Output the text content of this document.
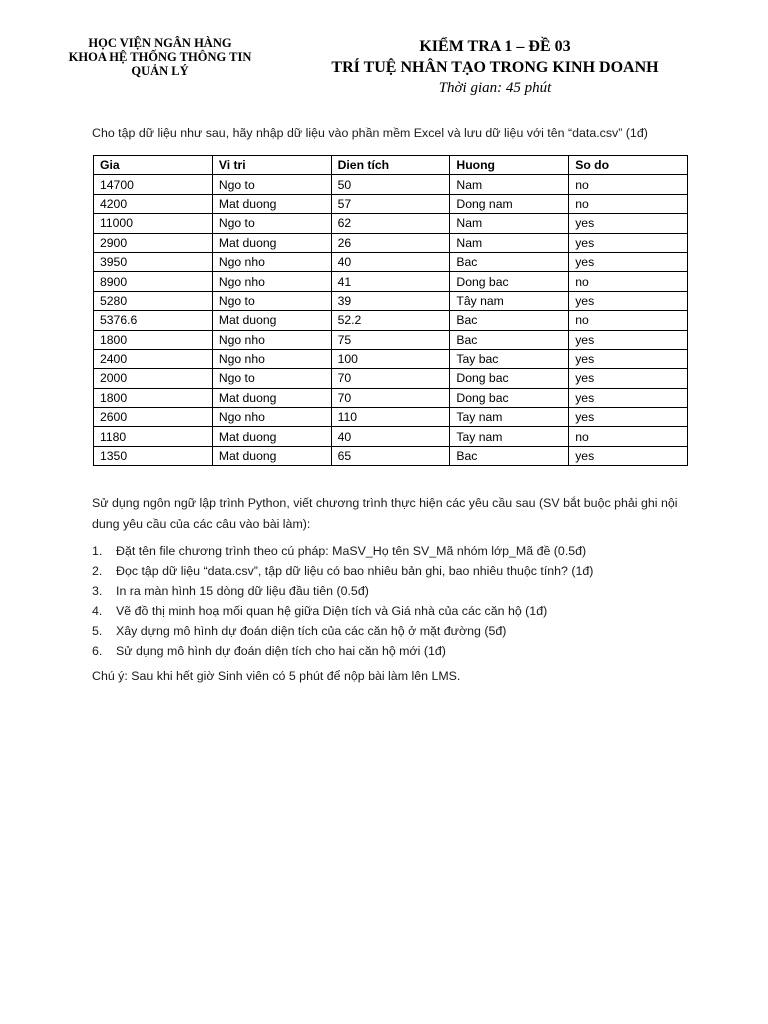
HỌC VIỆN NGÂN HÀNG
KHOA HỆ THỐNG THÔNG TIN
QUẢN LÝ
KIỂM TRA 1 – ĐỀ 03
TRÍ TUỆ NHÂN TẠO TRONG KINH DOANH
Thời gian: 45 phút
Cho tập dữ liệu như sau, hãy nhập dữ liệu vào phần mềm Excel và lưu dữ liệu với tên “data.csv” (1đ)
Gia	Vi tri	Dien tích	Huong	So do
14700	Ngo to	50	Nam	no
4200	Mat duong	57	Dong nam	no
11000	Ngo to	62	Nam	yes
2900	Mat duong	26	Nam	yes
3950	Ngo nho	40	Bac	yes
8900	Ngo nho	41	Dong bac	no
5280	Ngo to	39	Tây nam	yes
5376.6	Mat duong	52.2	Bac	no
1800	Ngo nho	75	Bac	yes
2400	Ngo nho	100	Tay bac	yes
2000	Ngo to	70	Dong bac	yes
1800	Mat duong	70	Dong bac	yes
2600	Ngo nho	110	Tay nam	yes
1180	Mat duong	40	Tay nam	no
1350	Mat duong	65	Bac	yes
Sử dụng ngôn ngữ lập trình Python, viết chương trình thực hiện các yêu cầu sau (SV bắt buộc phải ghi nội dung yêu cầu của các câu vào bài làm):
1. Đặt tên file chương trình theo cú pháp: MaSV_Họ tên SV_Mã nhóm lớp_Mã đề (0.5đ)
2. Đọc tập dữ liệu “data.csv”, tập dữ liệu có bao nhiêu bản ghi, bao nhiêu thuộc tính? (1đ)
3. In ra màn hình 15 dòng dữ liệu đầu tiên (0.5đ)
4. Vẽ đồ thị minh hoạ mối quan hệ giữa Diện tích và Giá nhà của các căn hộ (1đ)
5. Xây dựng mô hình dự đoán diện tích của các căn hộ ở mặt đường (5đ)
6. Sử dụng mô hình dự đoán diện tích cho hai căn hộ mới (1đ)
Chú ý: Sau khi hết giờ Sinh viên có 5 phút để nộp bài làm lên LMS.
